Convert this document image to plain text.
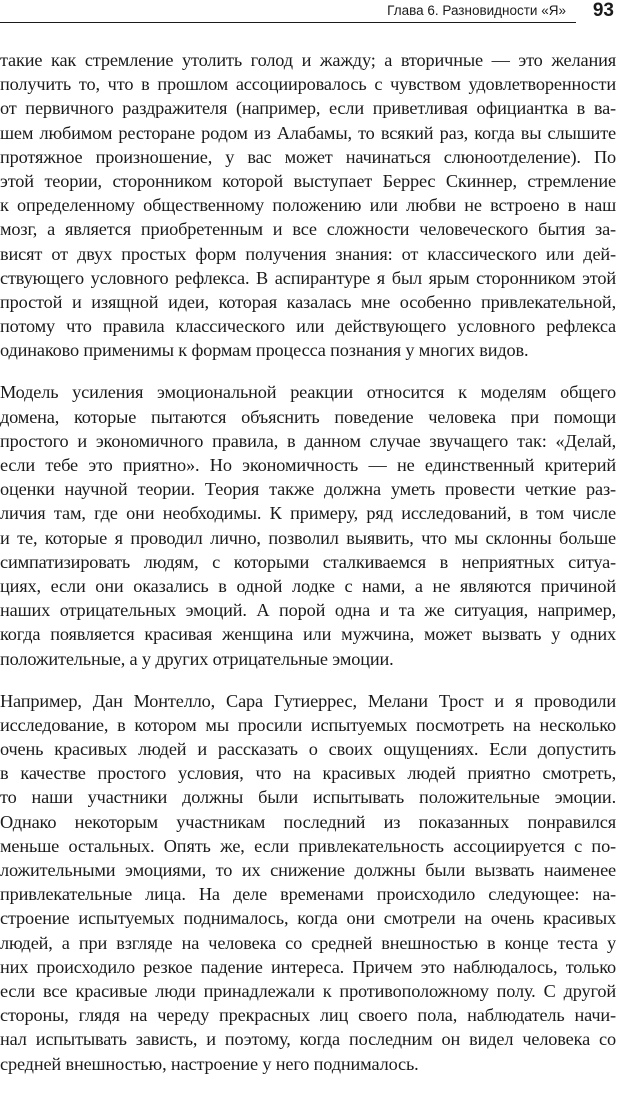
Глава 6. Разновидности «Я» 93
такие как стремление утолить голод и жажду; а вторичные — это желания
получить то, что в прошлом ассоциировалось с чувством удовлетворенности
от первичного раздражителя (например, если приветливая официантка в ва-
шем любимом ресторане родом из Алабамы, то всякий раз, когда вы слышите
протяжное произношение, у вас может начинаться слюноотделение). По
этой теории, сторонником которой выступает Беррес Скиннер, стремление
к определенному общественному положению или любви не встроено в наш
мозг, а является приобретенным и все сложности человеческого бытия за-
висят от двух простых форм получения знания: от классического или дей-
ствующего условного рефлекса. В аспирантуре я был ярым сторонником этой
простой и изящной идеи, которая казалась мне особенно привлекательной,
потому что правила классического или действующего условного рефлекса
одинаково применимы к формам процесса познания у многих видов.
Модель усиления эмоциональной реакции относится к моделям общего
домена, которые пытаются объяснить поведение человека при помощи
простого и экономичного правила, в данном случае звучащего так: «Делай,
если тебе это приятно». Но экономичность — не единственный критерий
оценки научной теории. Теория также должна уметь провести четкие раз-
личия там, где они необходимы. К примеру, ряд исследований, в том числе
и те, которые я проводил лично, позволил выявить, что мы склонны больше
симпатизировать людям, с которыми сталкиваемся в неприятных ситуа-
циях, если они оказались в одной лодке с нами, а не являются причиной
наших отрицательных эмоций. А порой одна и та же ситуация, например,
когда появляется красивая женщина или мужчина, может вызвать у одних
положительные, а у других отрицательные эмоции.
Например, Дан Монтелло, Сара Гутиеррес, Мелани Трост и я проводили
исследование, в котором мы просили испытуемых посмотреть на несколько
очень красивых людей и рассказать о своих ощущениях. Если допустить
в качестве простого условия, что на красивых людей приятно смотреть,
то наши участники должны были испытывать положительные эмоции.
Однако некоторым участникам последний из показанных понравился
меньше остальных. Опять же, если привлекательность ассоциируется с по-
ложительными эмоциями, то их снижение должны были вызвать наименее
привлекательные лица. На деле временами происходило следующее: на-
строение испытуемых поднималось, когда они смотрели на очень красивых
людей, а при взгляде на человека со средней внешностью в конце теста у
них происходило резкое падение интереса. Причем это наблюдалось, только
если все красивые люди принадлежали к противоположному полу. С другой
стороны, глядя на череду прекрасных лиц своего пола, наблюдатель начи-
нал испытывать зависть, и поэтому, когда последним он видел человека со
средней внешностью, настроение у него поднималось.
